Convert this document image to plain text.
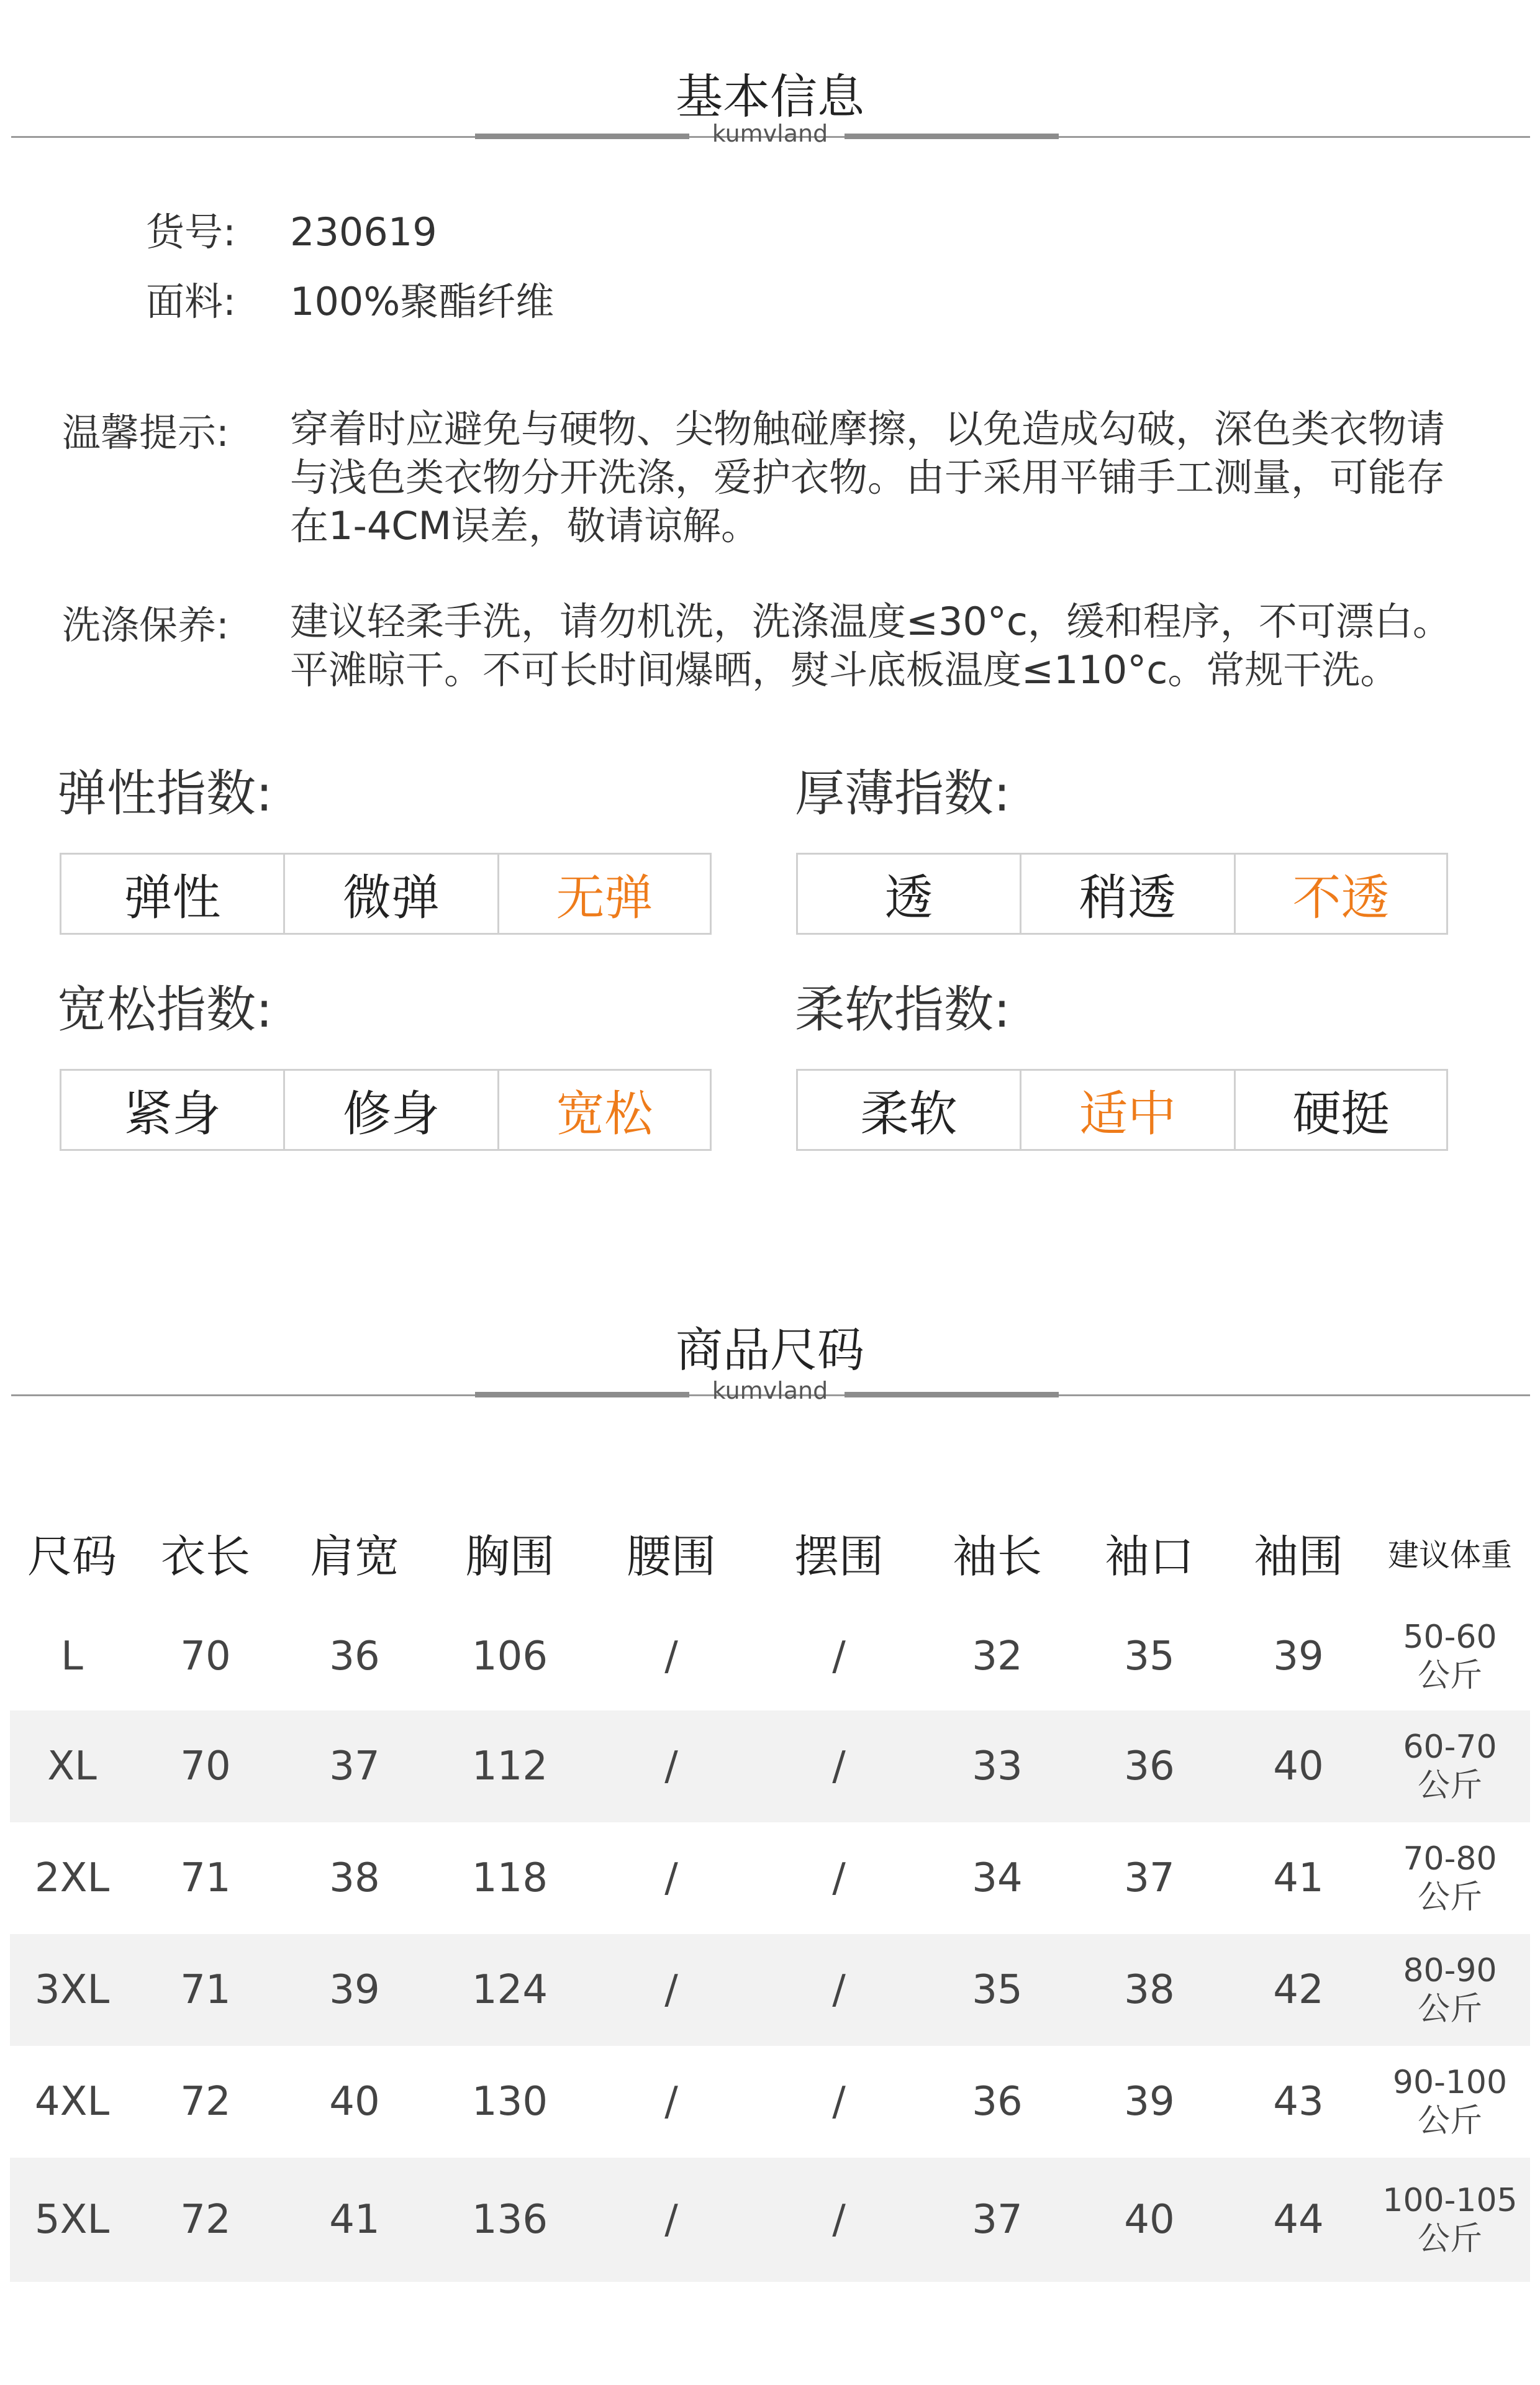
基本信息
kumvland
货号: 230619
面料: 100%聚酯纤维
温馨提示: 穿着时应避免与硬物、尖物触碰摩擦，以免造成勾破，深色类衣物请
与浅色类衣物分开洗涤，爱护衣物。由于采用平铺手工测量，可能存
在1-4CM误差，敬请谅解。
洗涤保养: 建议轻柔手洗，请勿机洗，洗涤温度≤30°c，缓和程序，不可漂白。
平滩晾干。不可长时间爆晒，熨斗底板温度≤110°c。常规干洗。
弹性指数:
弹性	微弹	无弹
厚薄指数:
透	稍透	不透
宽松指数:
紧身	修身	宽松
柔软指数:
柔软	适中	硬挺
商品尺码
kumvland
尺码 衣长	肩宽	胸围	腰围	摆围	袖长	袖口	袖围	建议体重
L	70	36	106	/	/	32	35	39	50-60
公斤
XL	70	37	112	/	/	33	36	40	60-70
公斤
2XL	71	38	118	/	/	34	37	41	70-80
公斤
3XL	71	39	124	/	/	35	38	42	80-90
公斤
4XL	72	40	130	/	/	36	39	43	90-100
公斤
5XL	72	41	136	/	/	37	40	44	100-105
公斤
